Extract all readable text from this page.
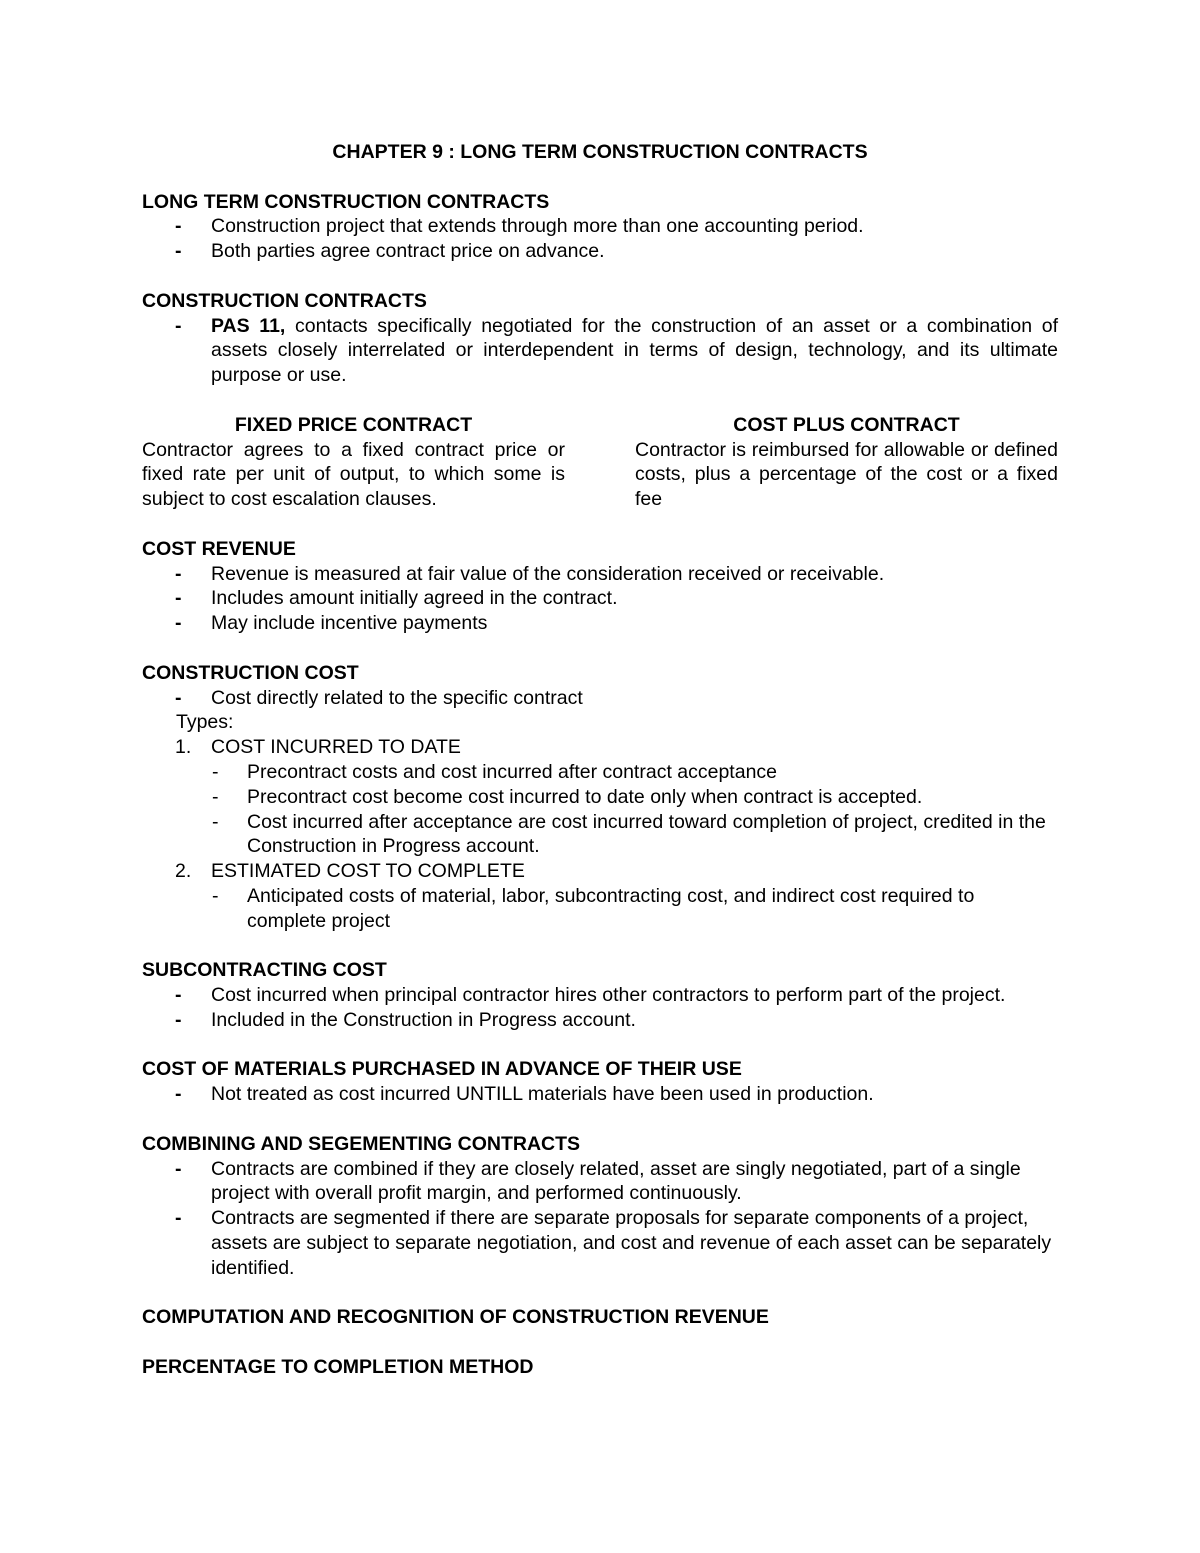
CHAPTER 9 : LONG TERM CONSTRUCTION CONTRACTS
LONG TERM CONSTRUCTION CONTRACTS
-	Construction project that extends through more than one accounting period.
-	Both parties agree contract price on advance.
CONSTRUCTION CONTRACTS
-	PAS 11, contacts specifically negotiated for the construction of an asset or a combination of assets closely interrelated or interdependent in terms of design, technology, and its ultimate purpose or use.
FIXED PRICE CONTRACT
Contractor agrees to a fixed contract price or fixed rate per unit of output, to which some is subject to cost escalation clauses.
COST PLUS CONTRACT
Contractor is reimbursed for allowable or defined costs, plus a percentage of the cost or a fixed fee
COST REVENUE
-	Revenue is measured at fair value of the consideration received or receivable.
-	Includes amount initially agreed in the contract.
-	May include incentive payments
CONSTRUCTION COST
-	Cost directly related to the specific contract
Types:
1.	COST INCURRED TO DATE
-	Precontract costs and cost incurred after contract acceptance
-	Precontract cost become cost incurred to date only when contract is accepted.
-	Cost incurred after acceptance are cost incurred toward completion of project, credited in the Construction in Progress account.
2.	ESTIMATED COST TO COMPLETE
-	Anticipated costs of material, labor, subcontracting cost, and indirect cost required to complete project
SUBCONTRACTING COST
-	Cost incurred when principal contractor hires other contractors to perform part of the project.
-	Included in the Construction in Progress account.
COST OF MATERIALS PURCHASED IN ADVANCE OF THEIR USE
-	Not treated as cost incurred UNTILL materials have been used in production.
COMBINING AND SEGEMENTING CONTRACTS
-	Contracts are combined if they are closely related, asset are singly negotiated, part of a single project with overall profit margin, and performed continuously.
-	Contracts are segmented if there are separate proposals for separate components of a project, assets are subject to separate negotiation, and cost and revenue of each asset can be separately identified.
COMPUTATION AND RECOGNITION OF CONSTRUCTION REVENUE
PERCENTAGE TO COMPLETION METHOD
